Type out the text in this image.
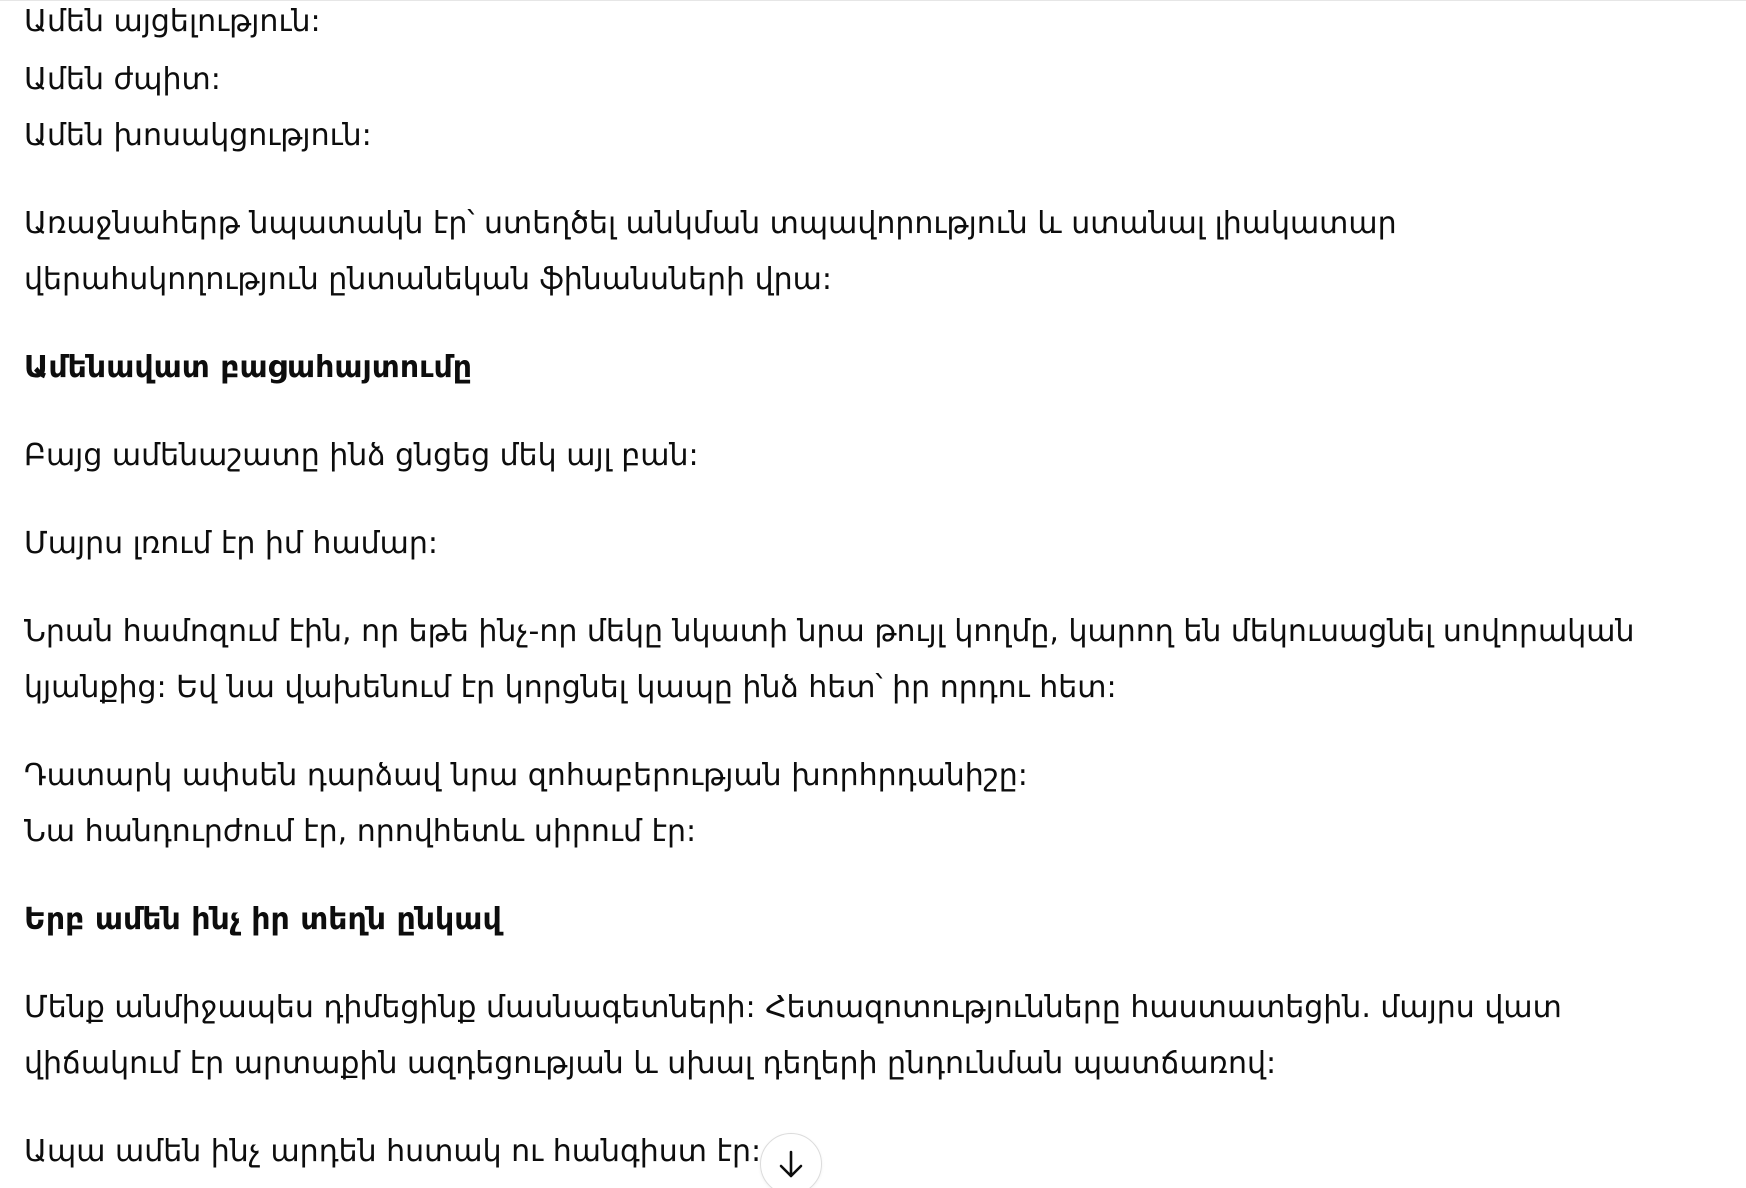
Ամեն այցելություն:
Ամեն ժպիտ:
Ամեն խոսակցություն:
Առաջնահերթ նպատակն էր՝ ստեղծել անկման տպավորություն և ստանալ լիակատար
վերահսկողություն ընտանեկան ֆինանսների վրա:
Ամենավատ բացահայտումը
Բայց ամենաշատը ինձ ցնցեց մեկ այլ բան:
Մայրս լռում էր իմ համար:
Նրան համոզում էին, որ եթե ինչ-որ մեկը նկատի նրա թույլ կողմը, կարող են մեկուսացնել սովորական
կյանքից: Եվ նա վախենում էր կորցնել կապը ինձ հետ՝ իր որդու հետ:
Դատարկ ափսեն դարձավ նրա զոհաբերության խորհրդանիշը:
Նա հանդուրժում էր, որովհետև սիրում էր:
Երբ ամեն ինչ իր տեղն ընկավ
Մենք անմիջապես դիմեցինք մասնագետների: Հետազոտությունները հաստատեցին. մայրս վատ
վիճակում էր արտաքին ազդեցության և սխալ դեղերի ընդունման պատճառով:
Ապա ամեն ինչ արդեն հստակ ու հանգիստ էր:
